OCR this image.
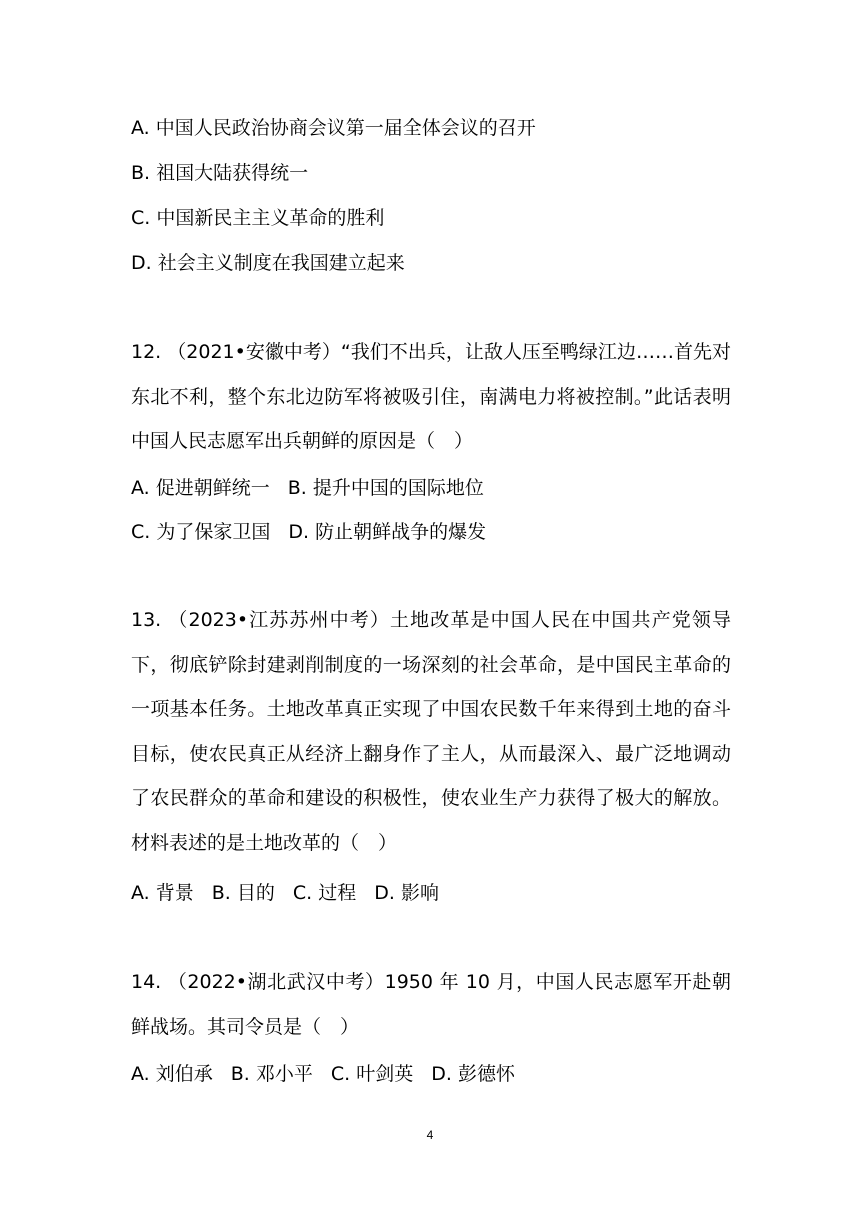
A. 中国人民政治协商会议第一届全体会议的召开
B. 祖国大陆获得统一
C. 中国新民主主义革命的胜利
D. 社会主义制度在我国建立起来
12. （2021•安徽中考）“我们不出兵，让敌人压至鸭绿江边……首先对东北不利，整个东北边防军将被吸引住，南满电力将被控制。”此话表明中国人民志愿军出兵朝鲜的原因是（　）
A. 促进朝鲜统一 B. 提升中国的国际地位
C. 为了保家卫国 D. 防止朝鲜战争的爆发
13. （2023•江苏苏州中考）土地改革是中国人民在中国共产党领导下，彻底铲除封建剥削制度的一场深刻的社会革命，是中国民主革命的一项基本任务。土地改革真正实现了中国农民数千年来得到土地的奋斗目标，使农民真正从经济上翻身作了主人，从而最深入、最广泛地调动了农民群众的革命和建设的积极性，使农业生产力获得了极大的解放。材料表述的是土地改革的（　）
A. 背景 B. 目的 C. 过程 D. 影响
14. （2022•湖北武汉中考）1950 年 10 月，中国人民志愿军开赴朝鲜战场。其司令员是（　）
A. 刘伯承 B. 邓小平 C. 叶剑英 D. 彭德怀
4
